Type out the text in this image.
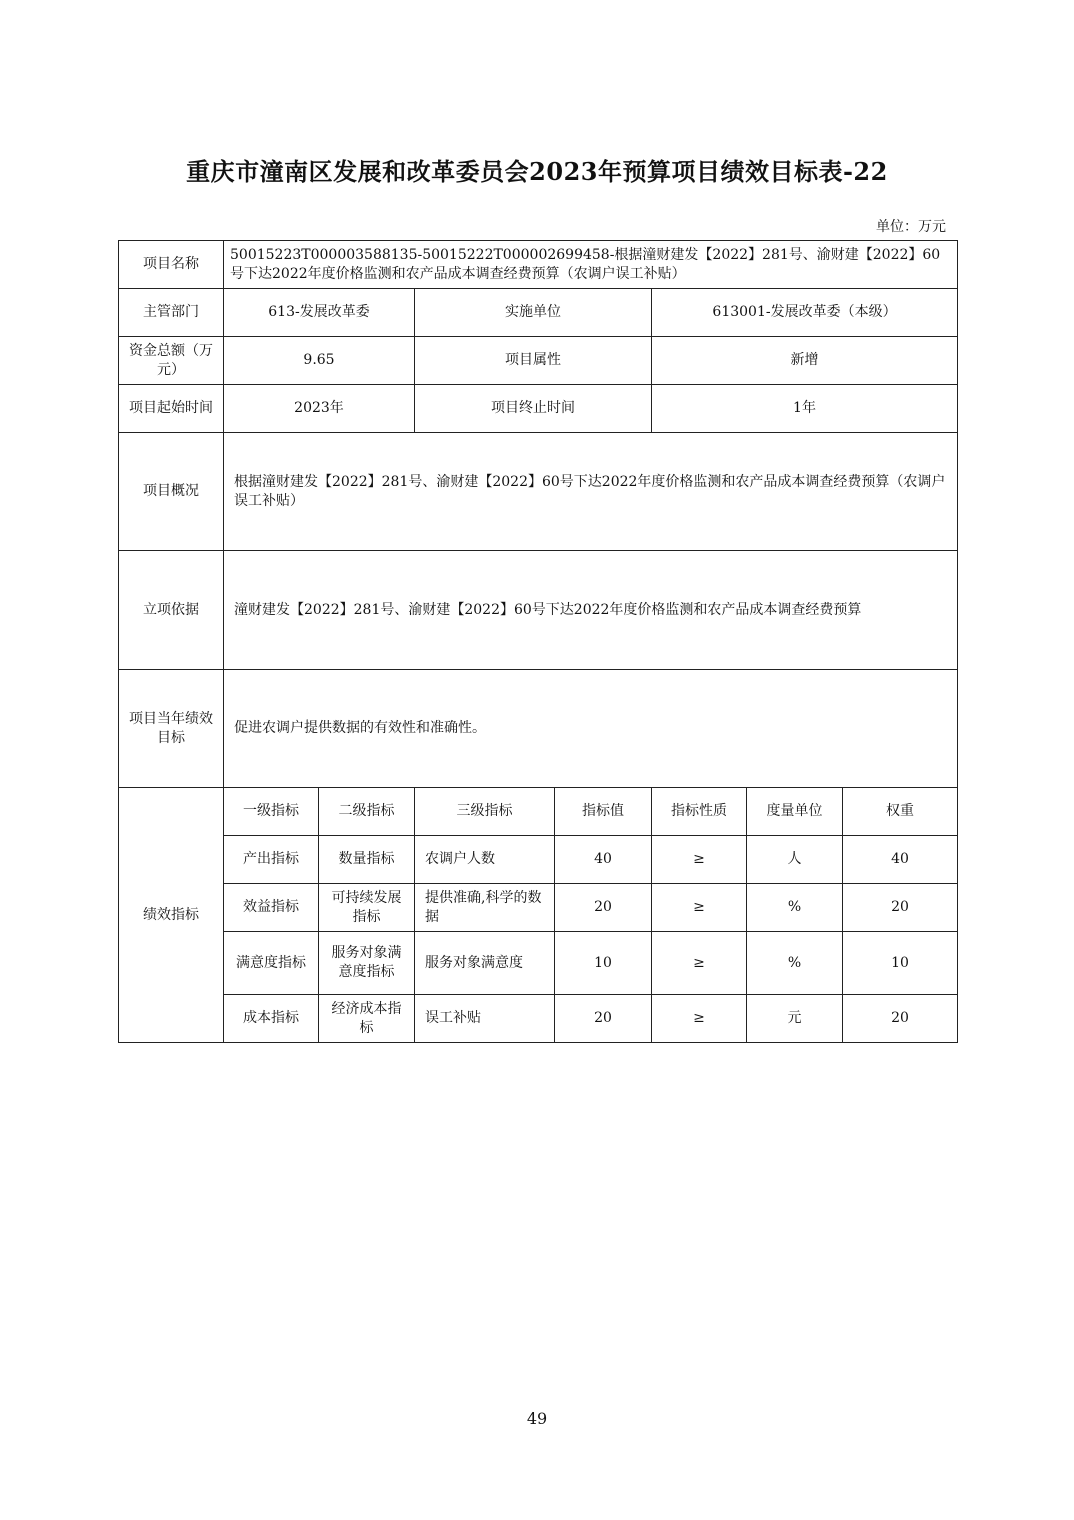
重庆市潼南区发展和改革委员会2023年预算项目绩效目标表-22
单位：万元
项目名称	50015223T000003588135-50015222T000002699458-根据潼财建发【2022】281号、渝财建【2022】60号下达2022年度价格监测和农产品成本调查经费预算（农调户误工补贴）						
主管部门	613-发展改革委		实施单位		613001-发展改革委（本级）		
资金总额（万元）	9.65		项目属性		新增		
项目起始时间	2023年		项目终止时间		1年		
项目概况	根据潼财建发【2022】281号、渝财建【2022】60号下达2022年度价格监测和农产品成本调查经费预算（农调户误工补贴）						
立项依据	潼财建发【2022】281号、渝财建【2022】60号下达2022年度价格监测和农产品成本调查经费预算						
项目当年绩效目标	促进农调户提供数据的有效性和准确性。						
绩效指标	一级指标	二级指标	三级指标	指标值	指标性质	度量单位	权重
	产出指标	数量指标	农调户人数	40	≥	人	40
	效益指标	可持续发展指标	提供准确,科学的数据	20	≥	%	20
	满意度指标	服务对象满意度指标	服务对象满意度	10	≥	%	10
	成本指标	经济成本指标	误工补贴	20	≥	元	20
49
